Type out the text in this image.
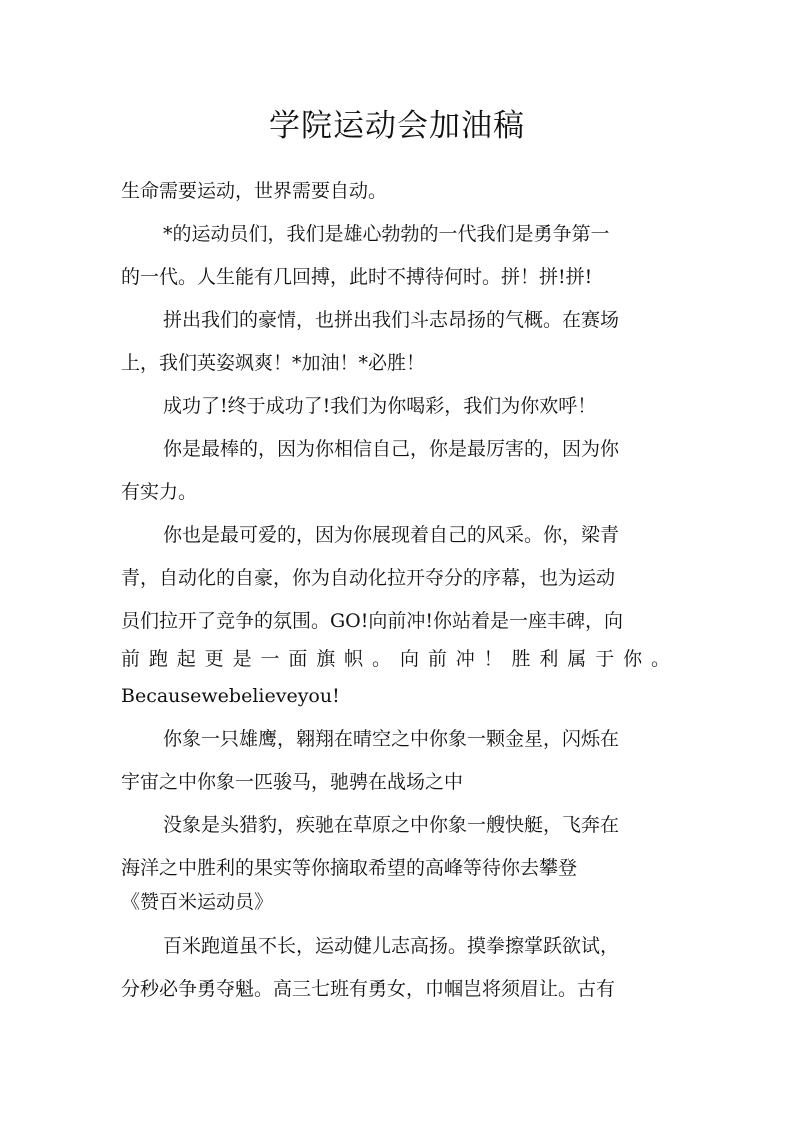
学院运动会加油稿

生命需要运动，世界需要自动。

*的运动员们，我们是雄心勃勃的一代我们是勇争第一

的一代。人生能有几回搏，此时不搏待何时。拼！拼!拼!

拼出我们的豪情，也拼出我们斗志昂扬的气概。在赛场

上，我们英姿飒爽！*加油！*必胜！

成功了!终于成功了!我们为你喝彩，我们为你欢呼！

你是最棒的，因为你相信自己，你是最厉害的，因为你

有实力。

你也是最可爱的，因为你展现着自己的风采。你，梁青

青，自动化的自豪，你为自动化拉开夺分的序幕，也为运动

员们拉开了竞争的氛围。GO!向前冲!你站着是一座丰碑，向

前跑起更是一面旗帜。向前冲！胜利属于你。

Becausewebelieveyou!

你象一只雄鹰，翱翔在晴空之中你象一颗金星，闪烁在

宇宙之中你象一匹骏马，驰骋在战场之中

没象是头猎豹，疾驰在草原之中你象一艘快艇，飞奔在

海洋之中胜利的果实等你摘取希望的高峰等待你去攀登

《赞百米运动员》

百米跑道虽不长，运动健儿志高扬。摸拳擦掌跃欲试，

分秒必争勇夺魁。高三七班有勇女，巾帼岂将须眉让。古有
